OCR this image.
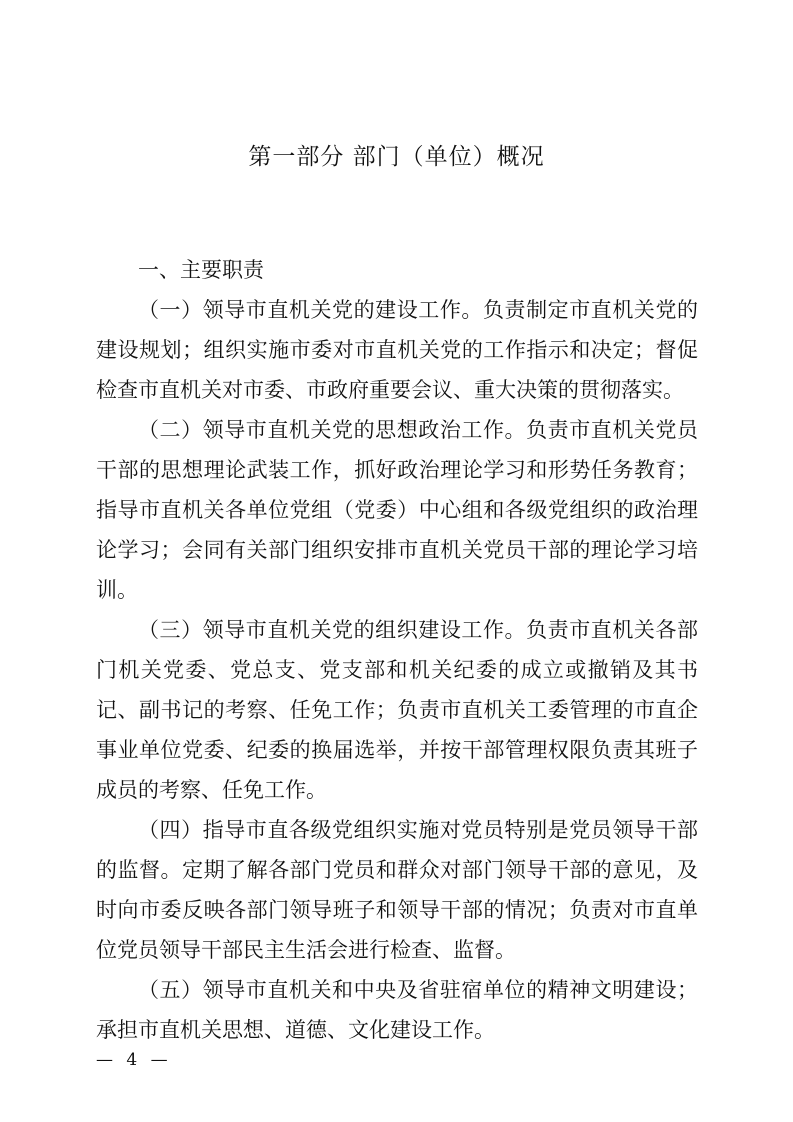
第一部分 部门（单位）概况

一、主要职责

（一）领导市直机关党的建设工作。负责制定市直机关党的建设规划；组织实施市委对市直机关党的工作指示和决定；督促检查市直机关对市委、市政府重要会议、重大决策的贯彻落实。

（二）领导市直机关党的思想政治工作。负责市直机关党员干部的思想理论武装工作，抓好政治理论学习和形势任务教育；指导市直机关各单位党组（党委）中心组和各级党组织的政治理论学习；会同有关部门组织安排市直机关党员干部的理论学习培训。

（三）领导市直机关党的组织建设工作。负责市直机关各部门机关党委、党总支、党支部和机关纪委的成立或撤销及其书记、副书记的考察、任免工作；负责市直机关工委管理的市直企事业单位党委、纪委的换届选举，并按干部管理权限负责其班子成员的考察、任免工作。

（四）指导市直各级党组织实施对党员特别是党员领导干部的监督。定期了解各部门党员和群众对部门领导干部的意见，及时向市委反映各部门领导班子和领导干部的情况；负责对市直单位党员领导干部民主生活会进行检查、监督。

（五）领导市直机关和中央及省驻宿单位的精神文明建设；承担市直机关思想、道德、文化建设工作。

— 4 —
